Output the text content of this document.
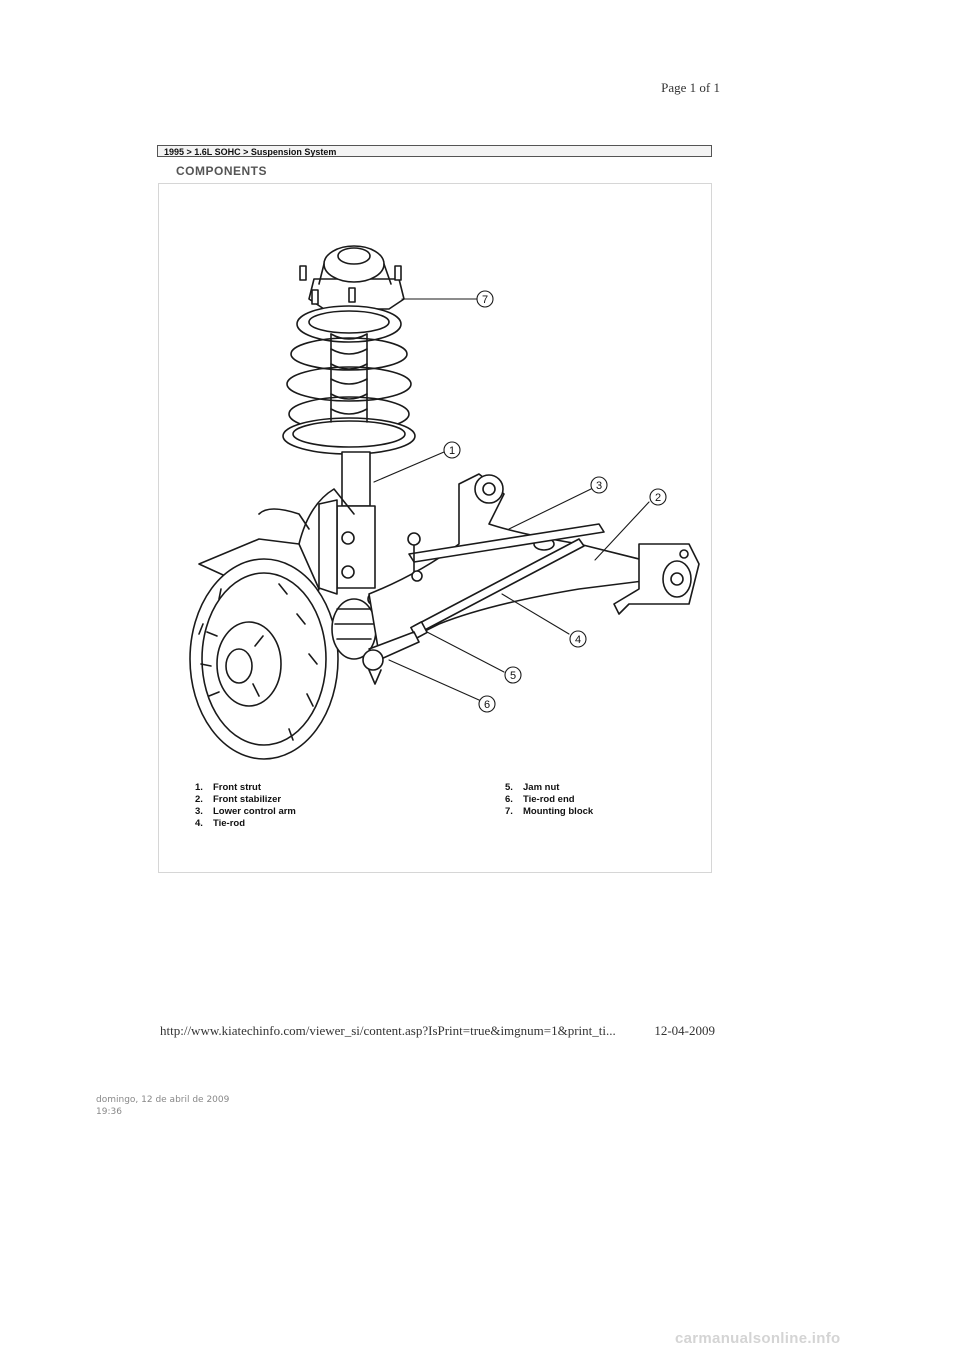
Page 1 of 1
1995 > 1.6L SOHC > Suspension System
COMPONENTS
7
1
3
2
4
5
6
1. Front strut
2. Front stabilizer
3. Lower control arm
4. Tie-rod
5. Jam nut
6. Tie-rod end
7. Mounting block
http://www.kiatechinfo.com/viewer_si/content.asp?IsPrint=true&imgnum=1&print_ti...	12-04-2009
domingo, 12 de abril de 2009
19:36
carmanualsonline.info
